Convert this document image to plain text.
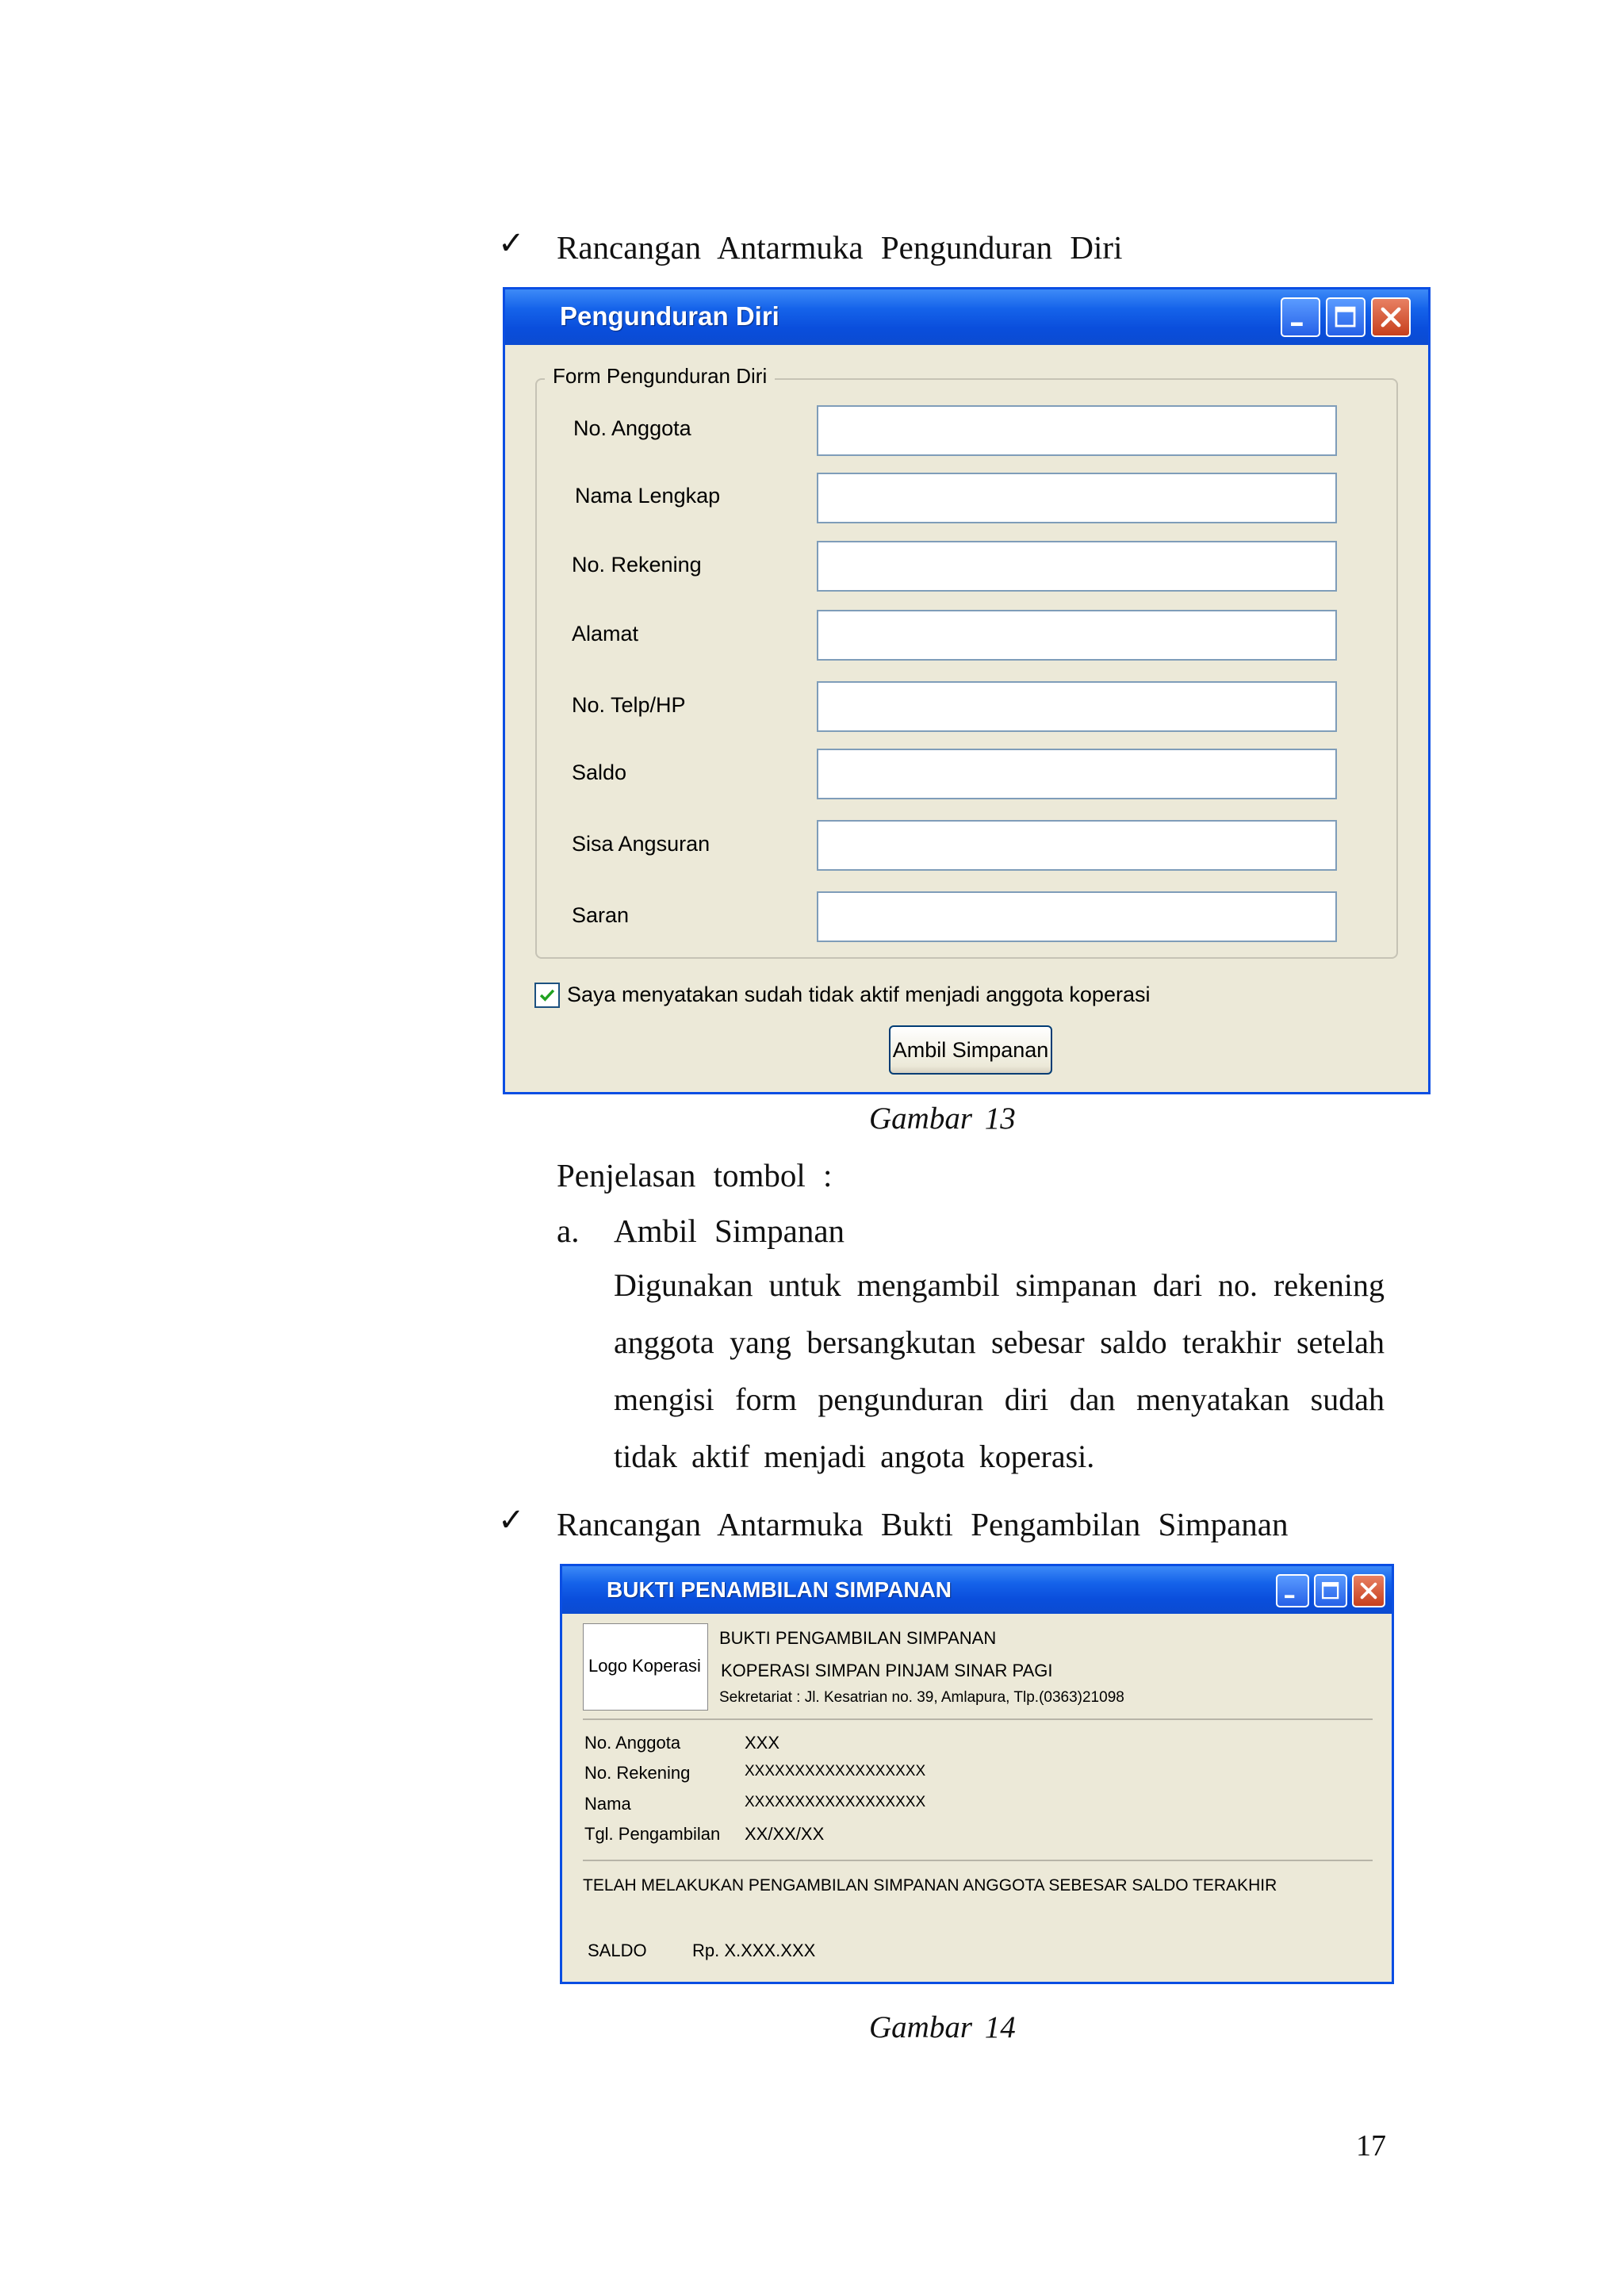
✓ Rancangan Antarmuka Pengunduran Diri
Pengunduran Diri
Form Pengunduran Diri
No. Anggota
Nama Lengkap
No. Rekening
Alamat
No. Telp/HP
Saldo
Sisa Angsuran
Saran
Saya menyatakan sudah tidak aktif menjadi anggota koperasi
Ambil Simpanan
Gambar 13
Penjelasan tombol :
a. Ambil Simpanan
Digunakan untuk mengambil simpanan dari no. rekening anggota yang bersangkutan sebesar saldo terakhir setelah mengisi form pengunduran diri dan menyatakan sudah tidak aktif menjadi angota koperasi.
✓ Rancangan Antarmuka Bukti Pengambilan Simpanan
BUKTI PENAMBILAN SIMPANAN
Logo Koperasi
BUKTI PENGAMBILAN SIMPANAN
KOPERASI SIMPAN PINJAM SINAR PAGI
Sekretariat : Jl. Kesatrian no. 39, Amlapura, Tlp.(0363)21098
No. Anggota	XXX
No. Rekening	XXXXXXXXXXXXXXXXXX
Nama	XXXXXXXXXXXXXXXXXX
Tgl. Pengambilan XX/XX/XX
TELAH MELAKUKAN PENGAMBILAN SIMPANAN ANGGOTA SEBESAR SALDO TERAKHIR
SALDO	Rp. X.XXX.XXX
Gambar 14
17
